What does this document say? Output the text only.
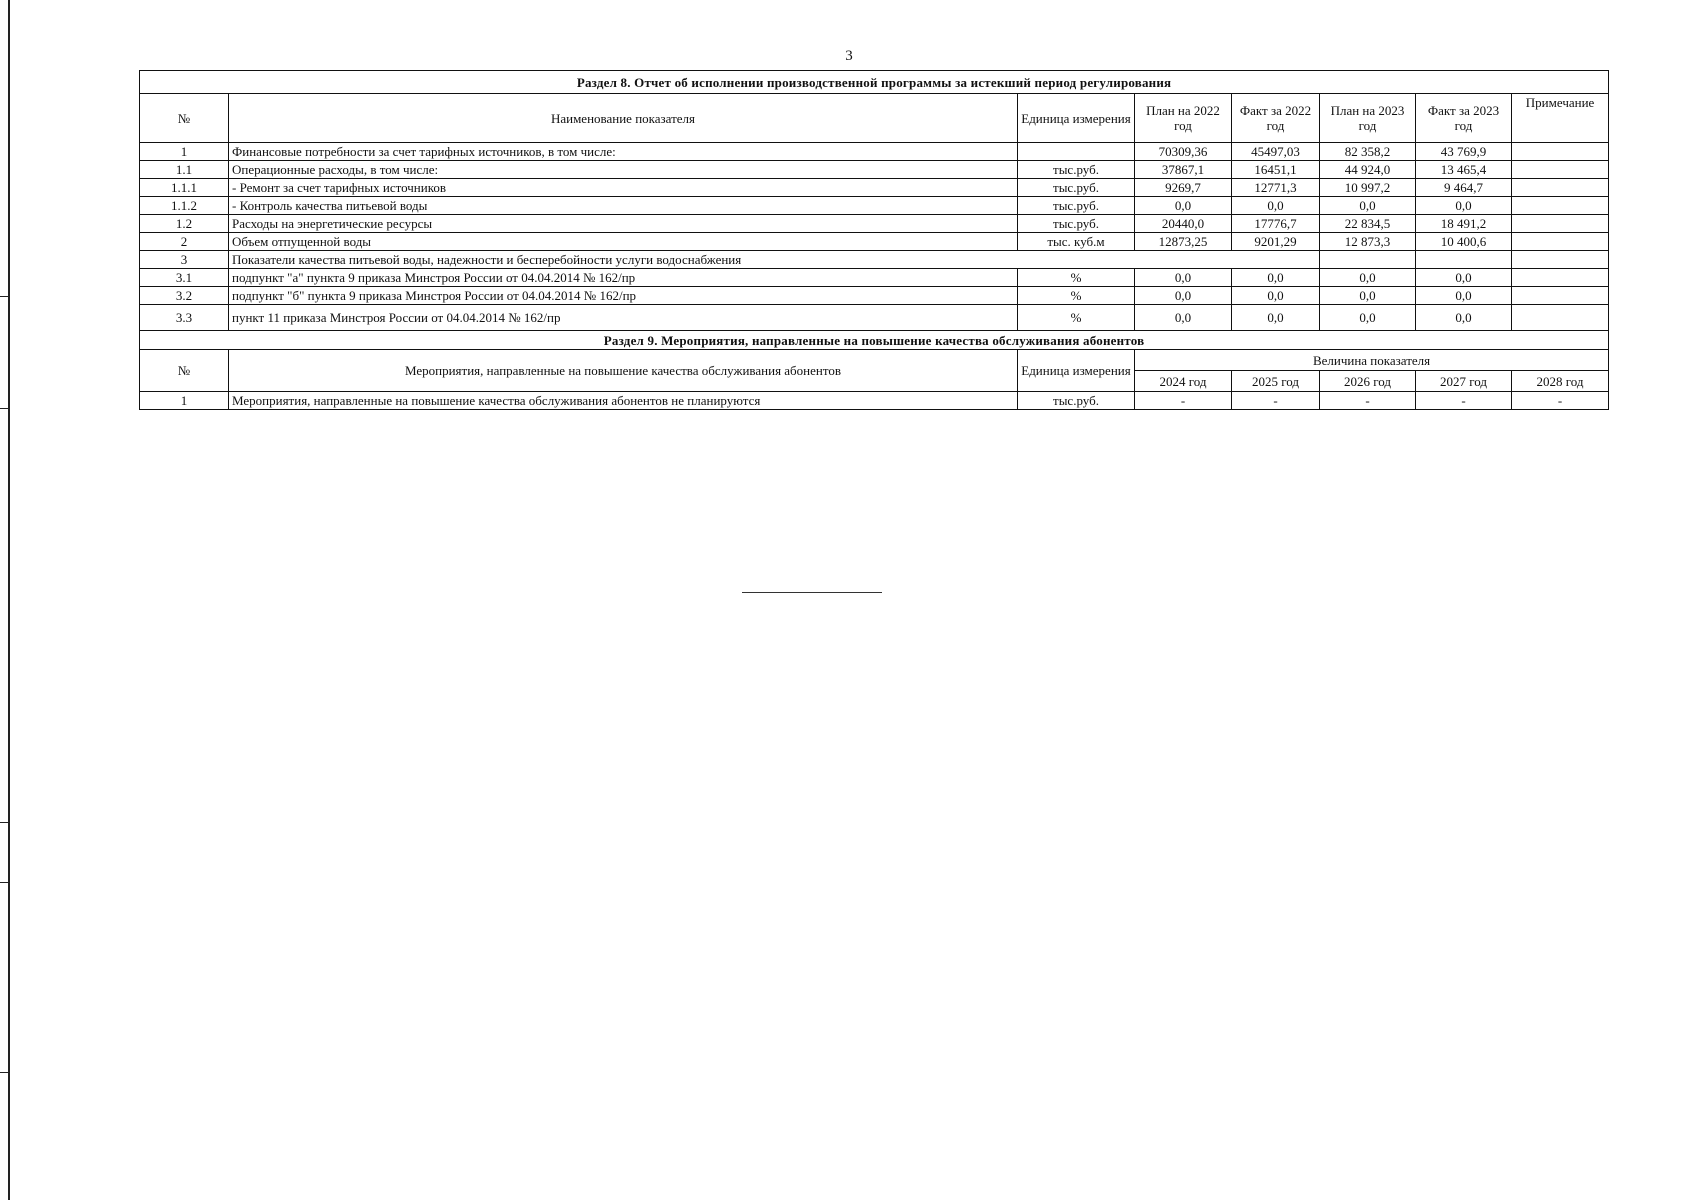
3
Раздел 8. Отчет об исполнении производственной программы за истекший период регулирования							
№	Наименование показателя	Единица измерения	План на 2022 год	Факт за 2022 год	План на 2023 год	Факт за 2023 год	Примечание
1	Финансовые потребности за счет тарифных источников, в том числе:		70309,36	45497,03	82 358,2	43 769,9	
1.1	Операционные расходы, в том числе:	тыс.руб.	37867,1	16451,1	44 924,0	13 465,4	
1.1.1	- Ремонт за счет тарифных источников	тыс.руб.	9269,7	12771,3	10 997,2	9 464,7	
1.1.2	- Контроль качества питьевой воды	тыс.руб.	0,0	0,0	0,0	0,0	
1.2	Расходы на энергетические ресурсы	тыс.руб.	20440,0	17776,7	22 834,5	18 491,2	
2	Объем отпущенной воды	тыс. куб.м	12873,25	9201,29	12 873,3	10 400,6	
3	Показатели качества питьевой воды, надежности и бесперебойности услуги водоснабжения						
3.1	подпункт "а" пункта 9 приказа Минстроя России от 04.04.2014 № 162/пр	%	0,0	0,0	0,0	0,0	
3.2	подпункт "б" пункта 9 приказа Минстроя России от 04.04.2014 № 162/пр	%	0,0	0,0	0,0	0,0	
3.3	пункт 11 приказа Минстроя России от 04.04.2014 № 162/пр	%	0,0	0,0	0,0	0,0	
Раздел 9. Мероприятия, направленные на повышение качества обслуживания абонентов							
№	Мероприятия, направленные на повышение качества обслуживания абонентов	Единица измерения	Величина показателя				
			2024 год	2025 год	2026 год	2027 год	2028 год
1	Мероприятия, направленные на повышение качества обслуживания абонентов не планируются	тыс.руб.	-	-	-	-	-
